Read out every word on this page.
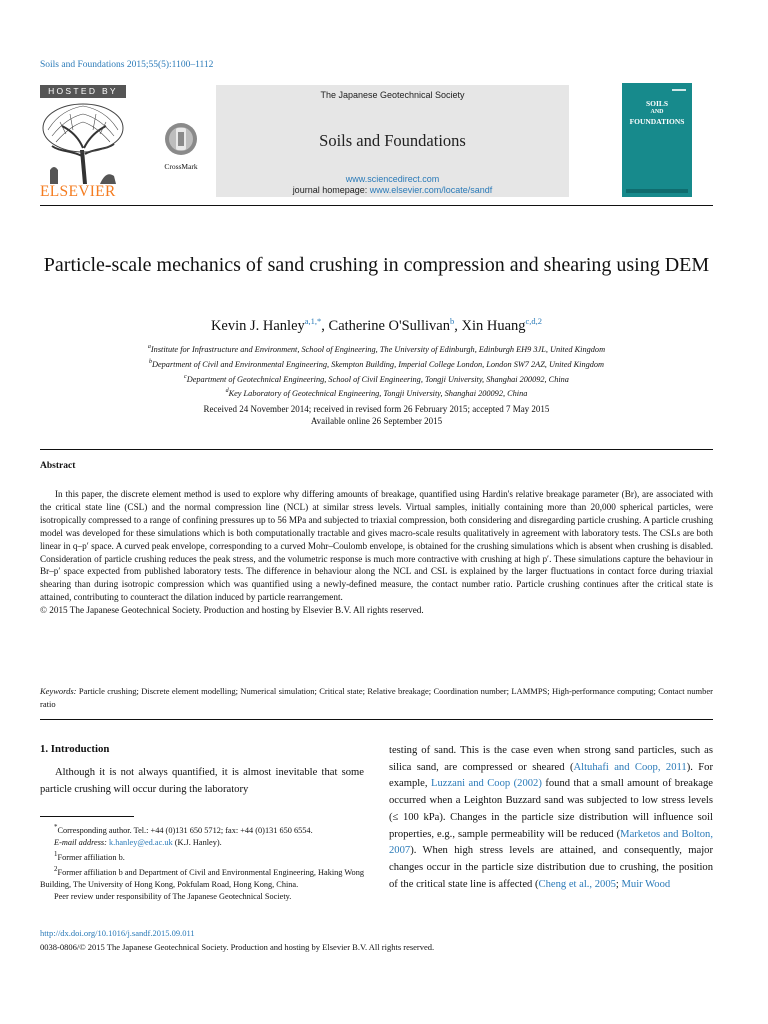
Soils and Foundations 2015;55(5):1100–1112
HOSTED BY
ELSEVIER
CrossMark
The Japanese Geotechnical Society
Soils and Foundations
www.sciencedirect.com
journal homepage: www.elsevier.com/locate/sandf
SOILS
AND
FOUNDATIONS
Particle-scale mechanics of sand crushing in compression and shearing using DEM
Kevin J. Hanley$^{a,1,*}$, Catherine O'Sullivan$^b$, Xin Huang$^{c,d,2}$
$^a$Institute for Infrastructure and Environment, School of Engineering, The University of Edinburgh, Edinburgh EH9 3JL, United Kingdom
$^b$Department of Civil and Environmental Engineering, Skempton Building, Imperial College London, London SW7 2AZ, United Kingdom
$^c$Department of Geotechnical Engineering, School of Civil Engineering, Tongji University, Shanghai 200092, China
$^d$Key Laboratory of Geotechnical Engineering, Tongji University, Shanghai 200092, China
Received 24 November 2014; received in revised form 26 February 2015; accepted 7 May 2015
Available online 26 September 2015
Abstract

In this paper, the discrete element method is used to explore why differing amounts of breakage, quantified using Hardin's relative breakage parameter (Br), are associated with the critical state line (CSL) and the normal compression line (NCL) at similar stress levels. Virtual samples, initially containing more than 20,000 spherical particles, were isotropically compressed to a range of confining pressures up to 56 MPa and subjected to triaxial compression, both considering and disregarding particle crushing. A particle crushing model was developed for these simulations which is both computationally tractable and gives macro-scale results qualitatively in agreement with laboratory tests. The CSLs are both linear in q–p′ space. A curved peak envelope, corresponding to a curved Mohr–Coulomb envelope, is obtained for the crushing simulations which is absent when crushing is disabled. Consideration of particle crushing reduces the peak stress, and the volumetric response is much more contractive with crushing at high p′. These simulations capture the behaviour in Br–p′ space expected from published laboratory tests. The difference in behaviour along the NCL and CSL is explained by the larger fluctuations in contact force during triaxial shearing than during isotropic compression which was quantified using a newly-defined measure, the contact number ratio. Particle crushing continues after the critical state is attained, contributing to counteract the dilation induced by particle rearrangement.

© 2015 The Japanese Geotechnical Society. Production and hosting by Elsevier B.V. All rights reserved.

Keywords: Particle crushing; Discrete element modelling; Numerical simulation; Critical state; Relative breakage; Coordination number; LAMMPS; High-performance computing; Contact number ratio
1. Introduction
Although it is not always quantified, it is almost inevitable that some particle crushing will occur during the laboratory

*Corresponding author. Tel.: +44 (0)131 650 5712; fax: +44 (0)131 650 6554.

E-mail address: k.hanley@ed.ac.uk (K.J. Hanley).

$^1$Former affiliation b.

$^2$Former affiliation b and Department of Civil and Environmental Engineering, Haking Wong Building, The University of Hong Kong, Pokfulam Road, Hong Kong, China.

Peer review under responsibility of The Japanese Geotechnical Society.

testing of sand. This is the case even when strong sand particles, such as silica sand, are compressed or sheared (Altuhafi and Coop, 2011). For example, Luzzani and Coop (2002) found that a small amount of breakage occurred when a Leighton Buzzard sand was subjected to low stress levels (≤ 100 kPa). Changes in the particle size distribution will influence soil properties, e.g., sample permeability will be reduced (Marketos and Bolton, 2007). When high stress levels are attained, and consequently, major changes occur in the particle size distribution due to crushing, the position of the critical state line is affected (Cheng et al., 2005; Muir Wood
http://dx.doi.org/10.1016/j.sandf.2015.09.011
0038-0806/© 2015 The Japanese Geotechnical Society. Production and hosting by Elsevier B.V. All rights reserved.
